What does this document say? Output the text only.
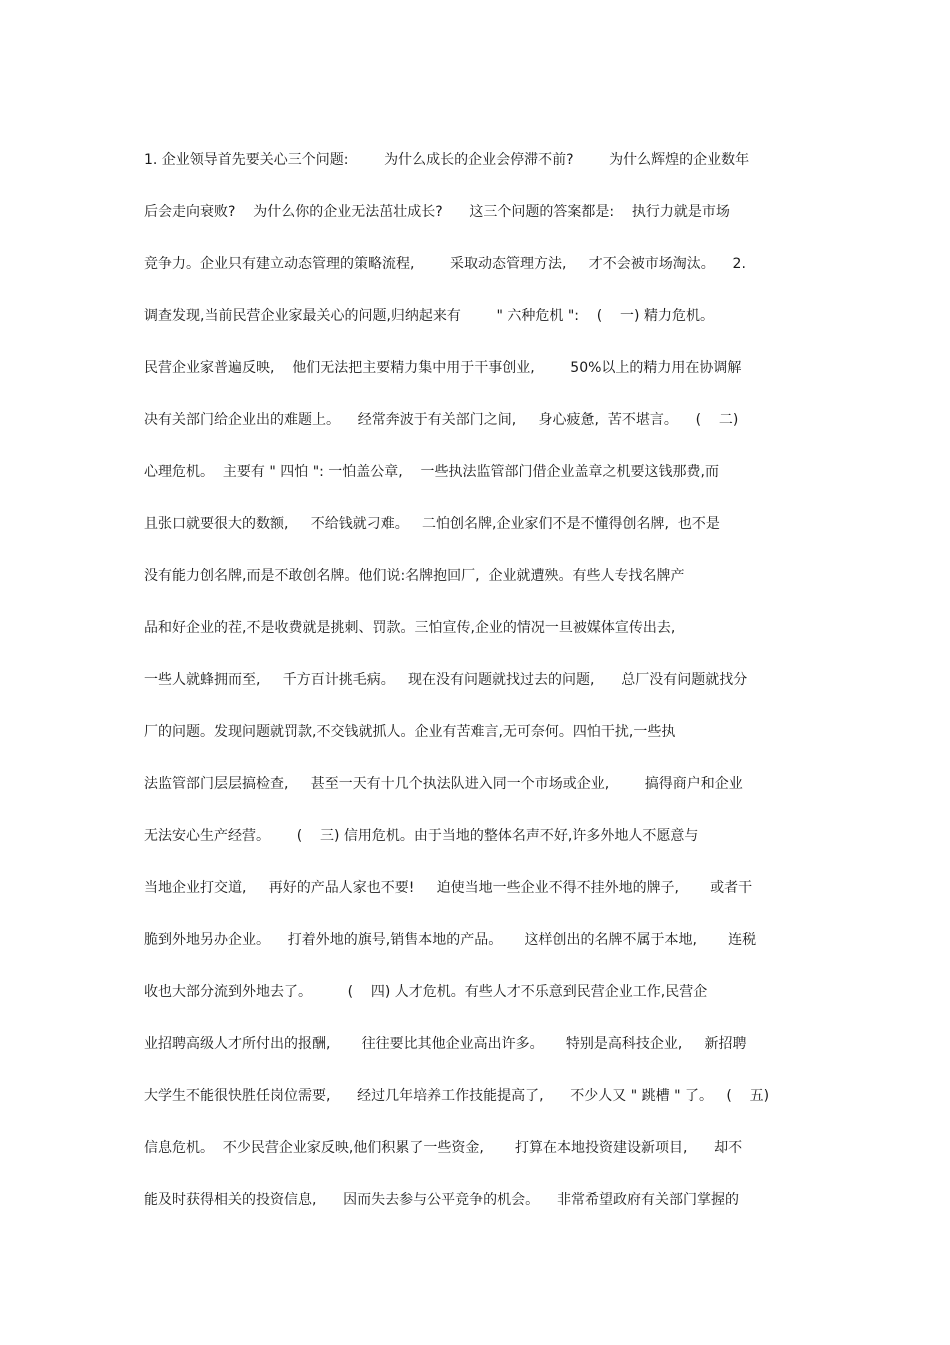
1. 企业领导首先要关心三个问题:        为什么成长的企业会停滞不前?        为什么辉煌的企业数年
后会走向衰败?    为什么你的企业无法茁壮成长?      这三个问题的答案都是:    执行力就是市场
竞争力。企业只有建立动态管理的策略流程,        采取动态管理方法,     才不会被市场淘汰。    2.
调查发现,当前民营企业家最关心的问题,归纳起来有        " 六种危机 ":    (    一) 精力危机。
民营企业家普遍反映,    他们无法把主要精力集中用于干事创业,        50%以上的精力用在协调解
决有关部门给企业出的难题上。    经常奔波于有关部门之间,     身心疲惫,  苦不堪言。    (    二)
心理危机。  主要有 " 四怕 ": 一怕盖公章,    一些执法监管部门借企业盖章之机要这钱那费,而
且张口就要很大的数额,     不给钱就刁难。   二怕创名牌,企业家们不是不懂得创名牌,  也不是
没有能力创名牌,而是不敢创名牌。他们说:名牌抱回厂,  企业就遭殃。有些人专找名牌产
品和好企业的茬,不是收费就是挑刺、罚款。三怕宣传,企业的情况一旦被媒体宣传出去,
一些人就蜂拥而至,     千方百计挑毛病。   现在没有问题就找过去的问题,      总厂没有问题就找分
厂的问题。发现问题就罚款,不交钱就抓人。企业有苦难言,无可奈何。四怕干扰,一些执
法监管部门层层搞检查,     甚至一天有十几个执法队进入同一个市场或企业,        搞得商户和企业
无法安心生产经营。      (    三) 信用危机。由于当地的整体名声不好,许多外地人不愿意与
当地企业打交道,     再好的产品人家也不要!     迫使当地一些企业不得不挂外地的牌子,       或者干
脆到外地另办企业。    打着外地的旗号,销售本地的产品。     这样创出的名牌不属于本地,       连税
收也大部分流到外地去了。        (    四) 人才危机。有些人才不乐意到民营企业工作,民营企
业招聘高级人才所付出的报酬,       往往要比其他企业高出许多。     特别是高科技企业,     新招聘
大学生不能很快胜任岗位需要,      经过几年培养工作技能提高了,      不少人又 " 跳槽 " 了。   (    五)
信息危机。  不少民营企业家反映,他们积累了一些资金,       打算在本地投资建设新项目,      却不
能及时获得相关的投资信息,      因而失去参与公平竞争的机会。    非常希望政府有关部门掌握的
